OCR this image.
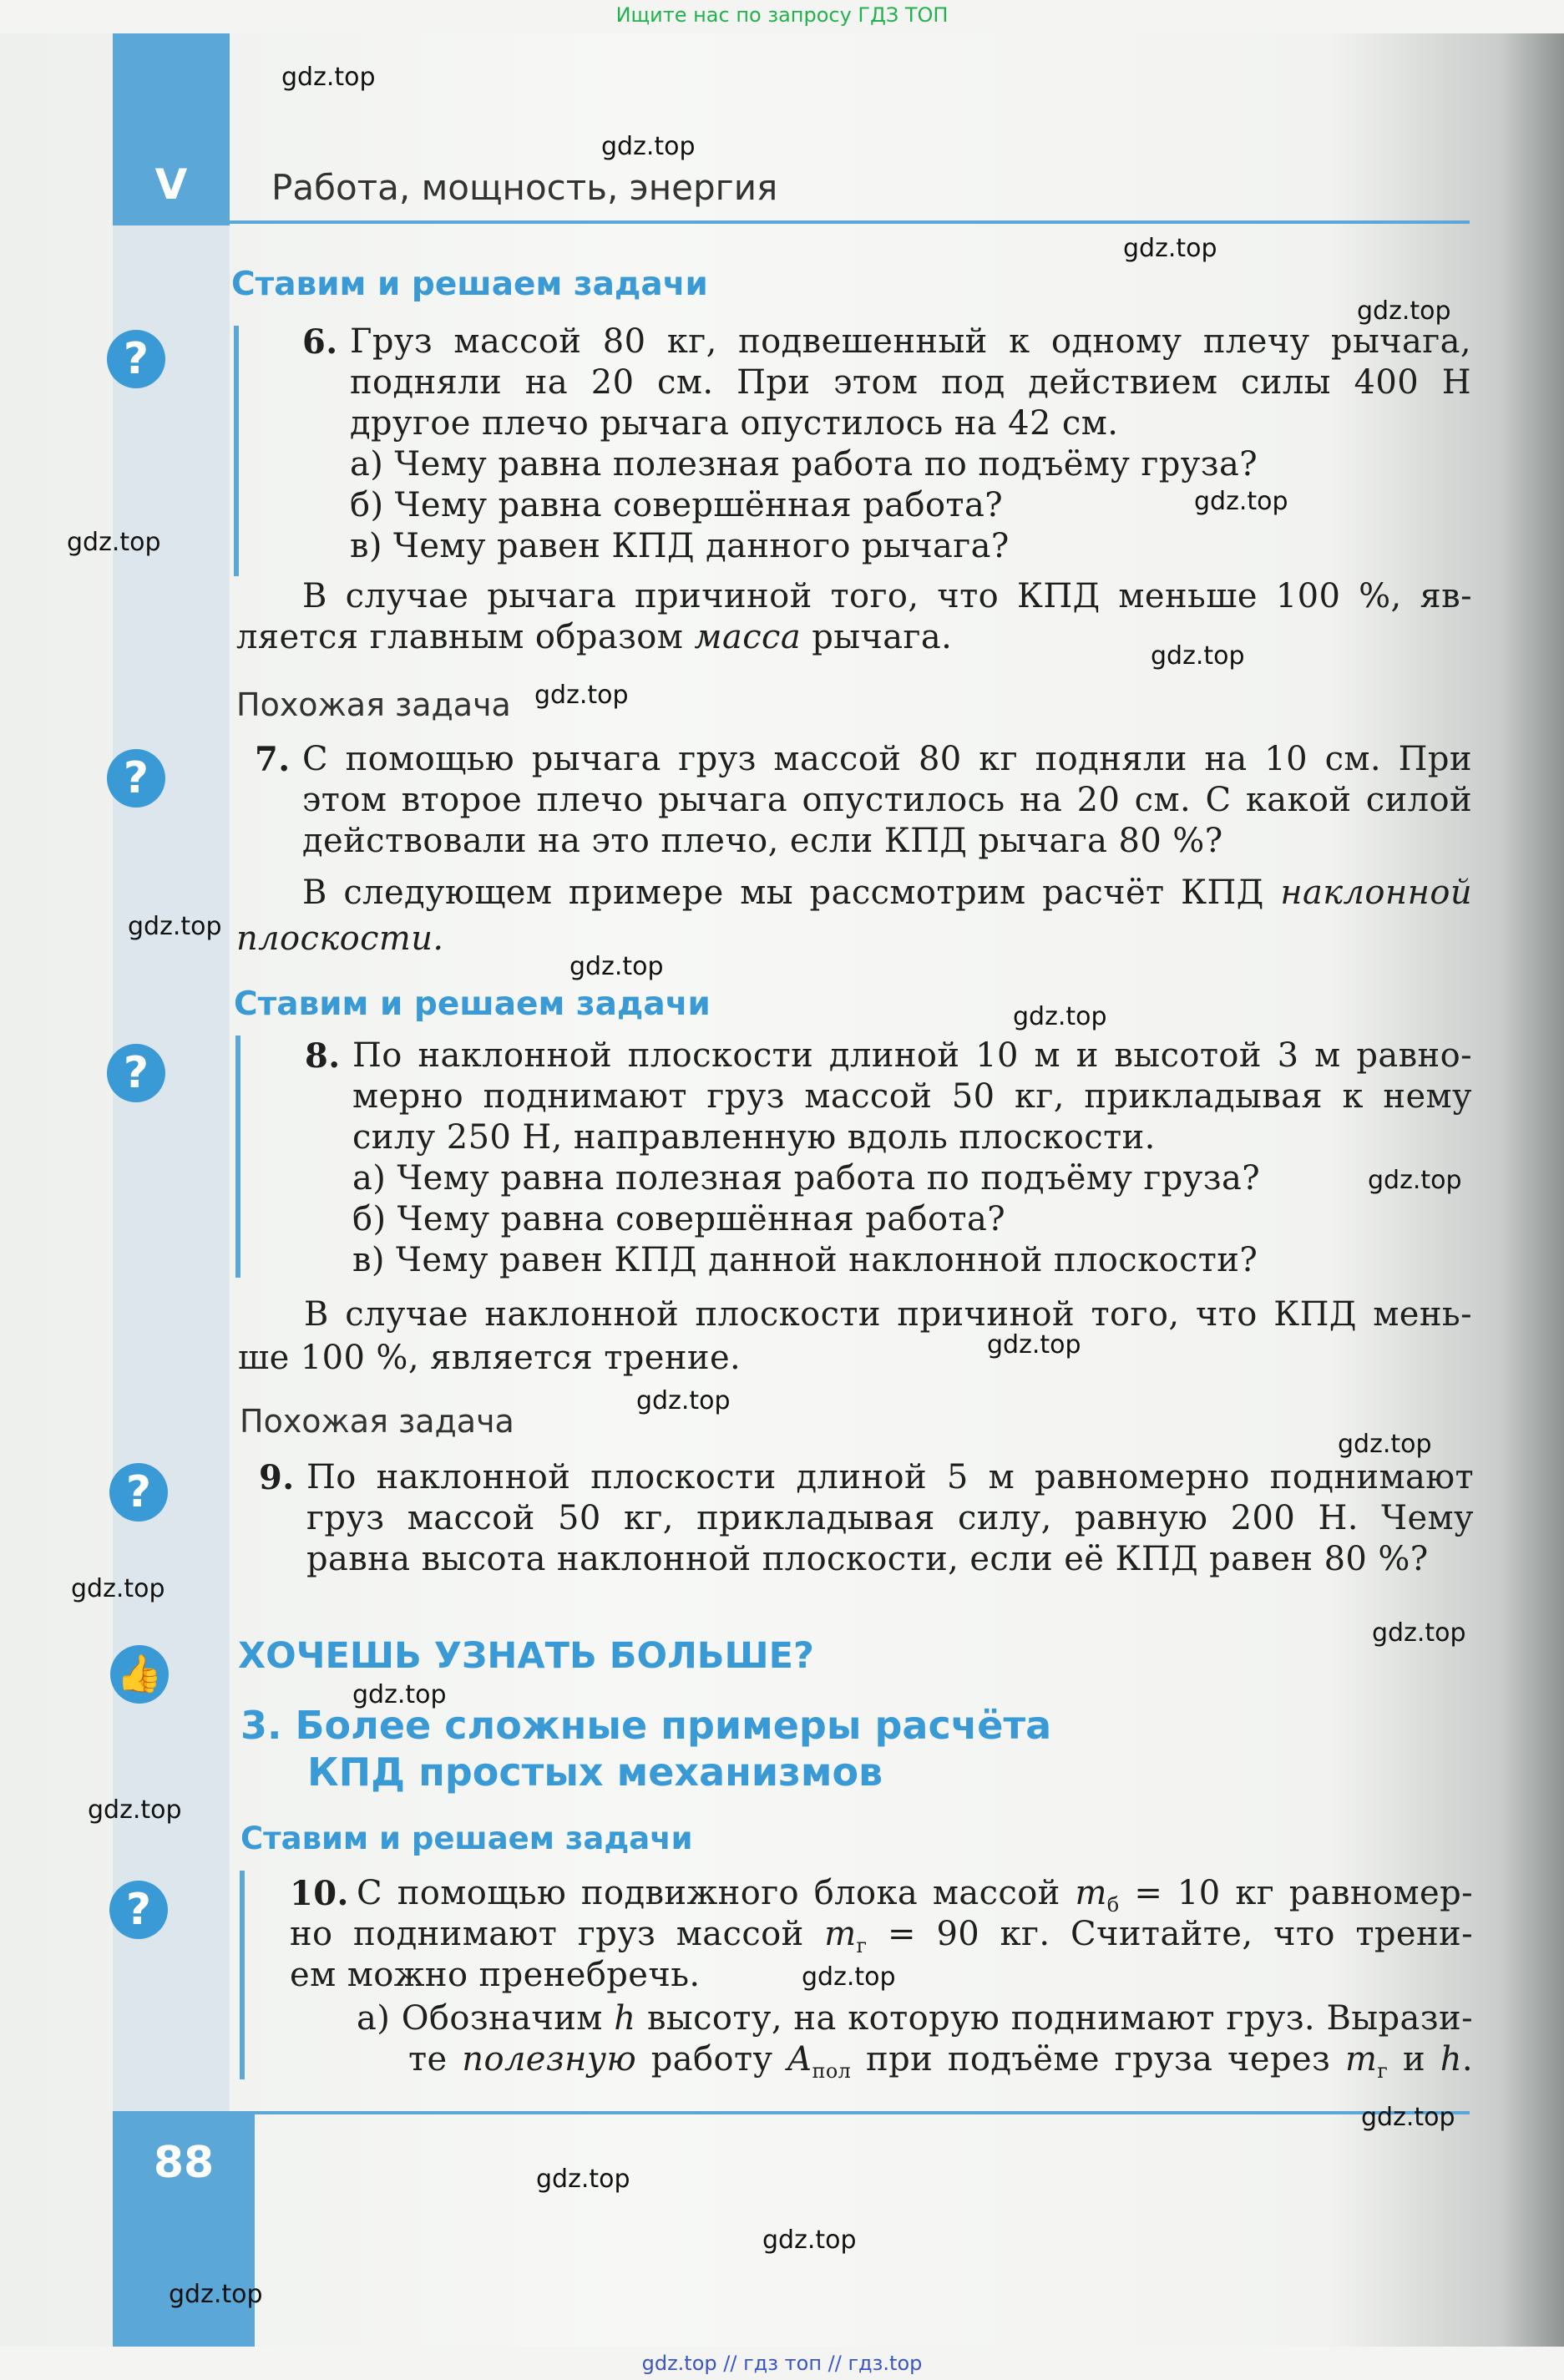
Ищите нас по запросу ГДЗ ТОП
V	Работа, мощность, энергия
Ставим и решаем задачи
?	6. Груз массой 80 кг, подвешенный к одному плечу рычага,
подняли на 20 см. При этом под действием силы 400 Н
другое плечо рычага опустилось на 42 см.
а) Чему равна полезная работа по подъёму груза?
б) Чему равна совершённая работа?
в) Чему равен КПД данного рычага?
В случае рычага причиной того, что КПД меньше 100 %, яв-
ляется главным образом масса рычага.
Похожая задача
?	7. С помощью рычага груз массой 80 кг подняли на 10 см. При
этом второе плечо рычага опустилось на 20 см. С какой силой
действовали на это плечо, если КПД рычага 80 %?
В следующем примере мы рассмотрим расчёт КПД наклонной
плоскости.
Ставим и решаем задачи
?	8. По наклонной плоскости длиной 10 м и высотой 3 м равно-
мерно поднимают груз массой 50 кг, прикладывая к нему
силу 250 Н, направленную вдоль плоскости.
а) Чему равна полезная работа по подъёму груза?
б) Чему равна совершённая работа?
в) Чему равен КПД данной наклонной плоскости?
В случае наклонной плоскости причиной того, что КПД мень-
ше 100 %, является трение.
Похожая задача
?	9. По наклонной плоскости длиной 5 м равномерно поднимают
груз массой 50 кг, прикладывая силу, равную 200 Н. Чему
равна высота наклонной плоскости, если её КПД равен 80 %?
👍 ХОЧЕШЬ УЗНАТЬ БОЛЬШЕ?
3. Более сложные примеры расчёта
КПД простых механизмов
Ставим и решаем задачи
?	10. С помощью подвижного блока массой $m_б = 10$ кг равномер-
но поднимают груз массой $m_г = 90$ кг. Считайте, что трени-
ем можно пренебречь.
а) Обозначим h высоту, на которую поднимают груз. Вырази-
те полезную работу $A_{пол}$ при подъёме груза через $m_г$ и h.
88
gdz.top
gdz.top
gdz.top
gdz.top
gdz.top
gdz.top
gdz.top
gdz.top
gdz.top
gdz.top
gdz.top
gdz.top
gdz.top
gdz.top
gdz.top
gdz.top
gdz.top
gdz.top
gdz.top
gdz.top
gdz.top
gdz.top
gdz.top
gdz.top
gdz.top // гдз топ // гдз.top
